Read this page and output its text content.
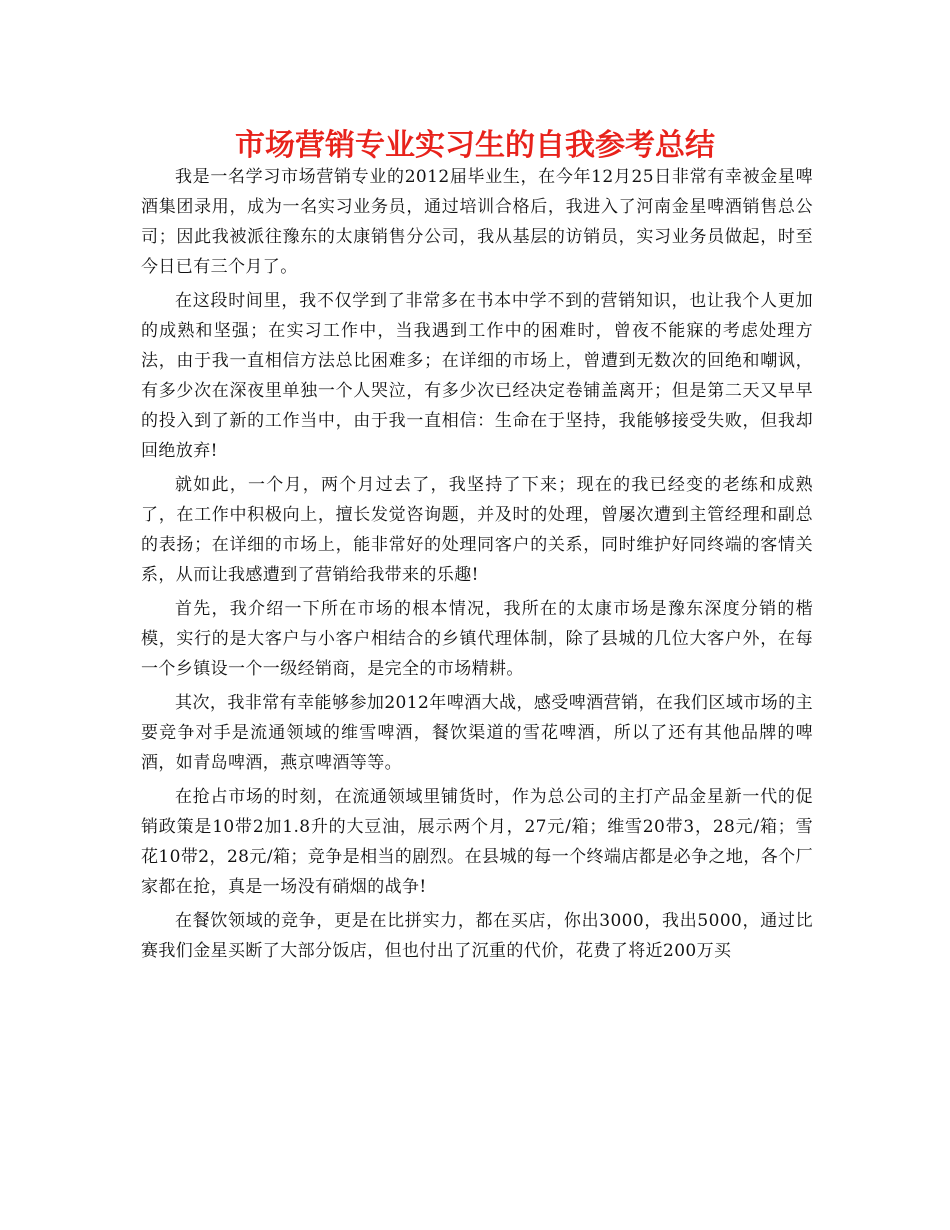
市场营销专业实习生的自我参考总结

我是一名学习市场营销专业的2012届毕业生，在今年12月25日非常有幸被金星啤酒集团录用，成为一名实习业务员，通过培训合格后，我进入了河南金星啤酒销售总公司；因此我被派往豫东的太康销售分公司，我从基层的访销员，实习业务员做起，时至今日已有三个月了。

在这段时间里，我不仅学到了非常多在书本中学不到的营销知识，也让我个人更加的成熟和坚强；在实习工作中，当我遇到工作中的困难时，曾夜不能寐的考虑处理方法，由于我一直相信方法总比困难多；在详细的市场上，曾遭到无数次的回绝和嘲讽，有多少次在深夜里单独一个人哭泣，有多少次已经决定卷铺盖离开；但是第二天又早早的投入到了新的工作当中，由于我一直相信：生命在于坚持，我能够接受失败，但我却回绝放弃!

就如此，一个月，两个月过去了，我坚持了下来；现在的我已经变的老练和成熟了，在工作中积极向上，擅长发觉咨询题，并及时的处理，曾屡次遭到主管经理和副总的表扬；在详细的市场上，能非常好的处理同客户的关系，同时维护好同终端的客情关系，从而让我感遭到了营销给我带来的乐趣!

首先，我介绍一下所在市场的根本情况，我所在的太康市场是豫东深度分销的楷模，实行的是大客户与小客户相结合的乡镇代理体制，除了县城的几位大客户外，在每一个乡镇设一个一级经销商，是完全的市场精耕。

其次，我非常有幸能够参加2012年啤酒大战，感受啤酒营销，在我们区域市场的主要竞争对手是流通领域的维雪啤酒，餐饮渠道的雪花啤酒，所以了还有其他品牌的啤酒，如青岛啤酒，燕京啤酒等等。

在抢占市场的时刻，在流通领域里铺货时，作为总公司的主打产品金星新一代的促销政策是10带2加1.8升的大豆油，展示两个月，27元/箱；维雪20带3，28元/箱；雪花10带2，28元/箱；竞争是相当的剧烈。在县城的每一个终端店都是必争之地，各个厂家都在抢，真是一场没有硝烟的战争!

在餐饮领域的竞争，更是在比拼实力，都在买店，你出3000，我出5000，通过比赛我们金星买断了大部分饭店，但也付出了沉重的代价，花费了将近200万买
